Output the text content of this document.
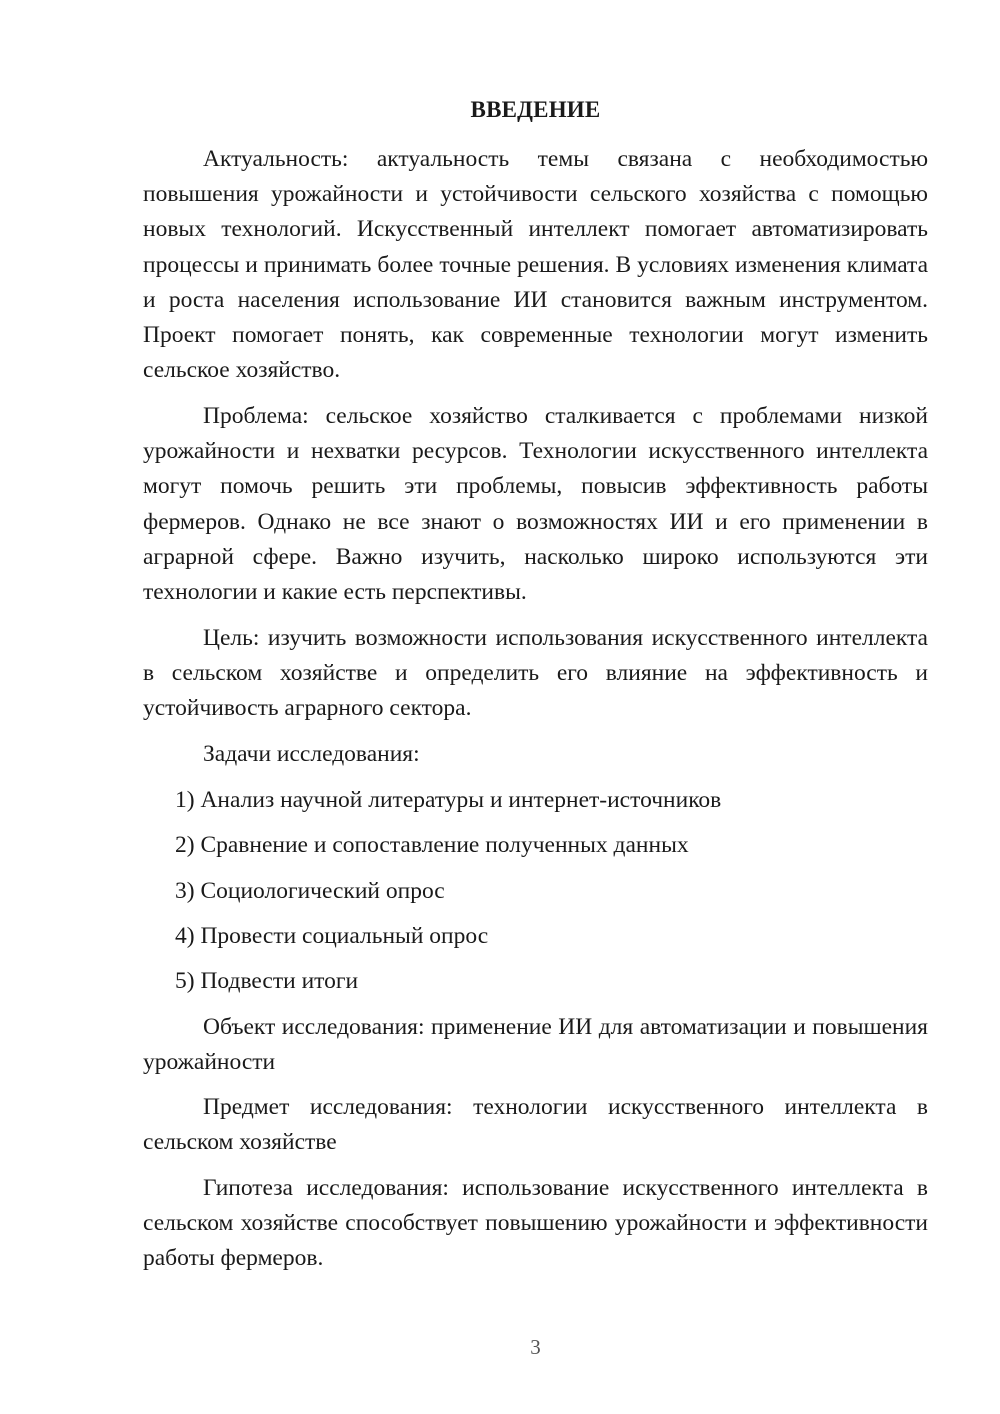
ВВЕДЕНИЕ

Актуальность: актуальность темы связана с необходимостью повышения урожайности и устойчивости сельского хозяйства с помощью новых технологий. Искусственный интеллект помогает автоматизировать процессы и принимать более точные решения. В условиях изменения климата и роста населения использование ИИ становится важным инструментом. Проект помогает понять, как современные технологии могут изменить сельское хозяйство.

Проблема: сельское хозяйство сталкивается с проблемами низкой урожайности и нехватки ресурсов. Технологии искусственного интеллекта могут помочь решить эти проблемы, повысив эффективность работы фермеров. Однако не все знают о возможностях ИИ и его применении в аграрной сфере. Важно изучить, насколько широко используются эти технологии и какие есть перспективы.

Цель: изучить возможности использования искусственного интеллекта в сельском хозяйстве и определить его влияние на эффективность и устойчивость аграрного сектора.

Задачи исследования:
1) Анализ научной литературы и интернет-источников
2) Сравнение и сопоставление полученных данных
3) Социологический опрос
4) Провести социальный опрос
5) Подвести итоги

Объект исследования: применение ИИ для автоматизации и повышения урожайности

Предмет исследования: технологии искусственного интеллекта в сельском хозяйстве

Гипотеза исследования: использование искусственного интеллекта в сельском хозяйстве способствует повышению урожайности и эффективности работы фермеров.

3
